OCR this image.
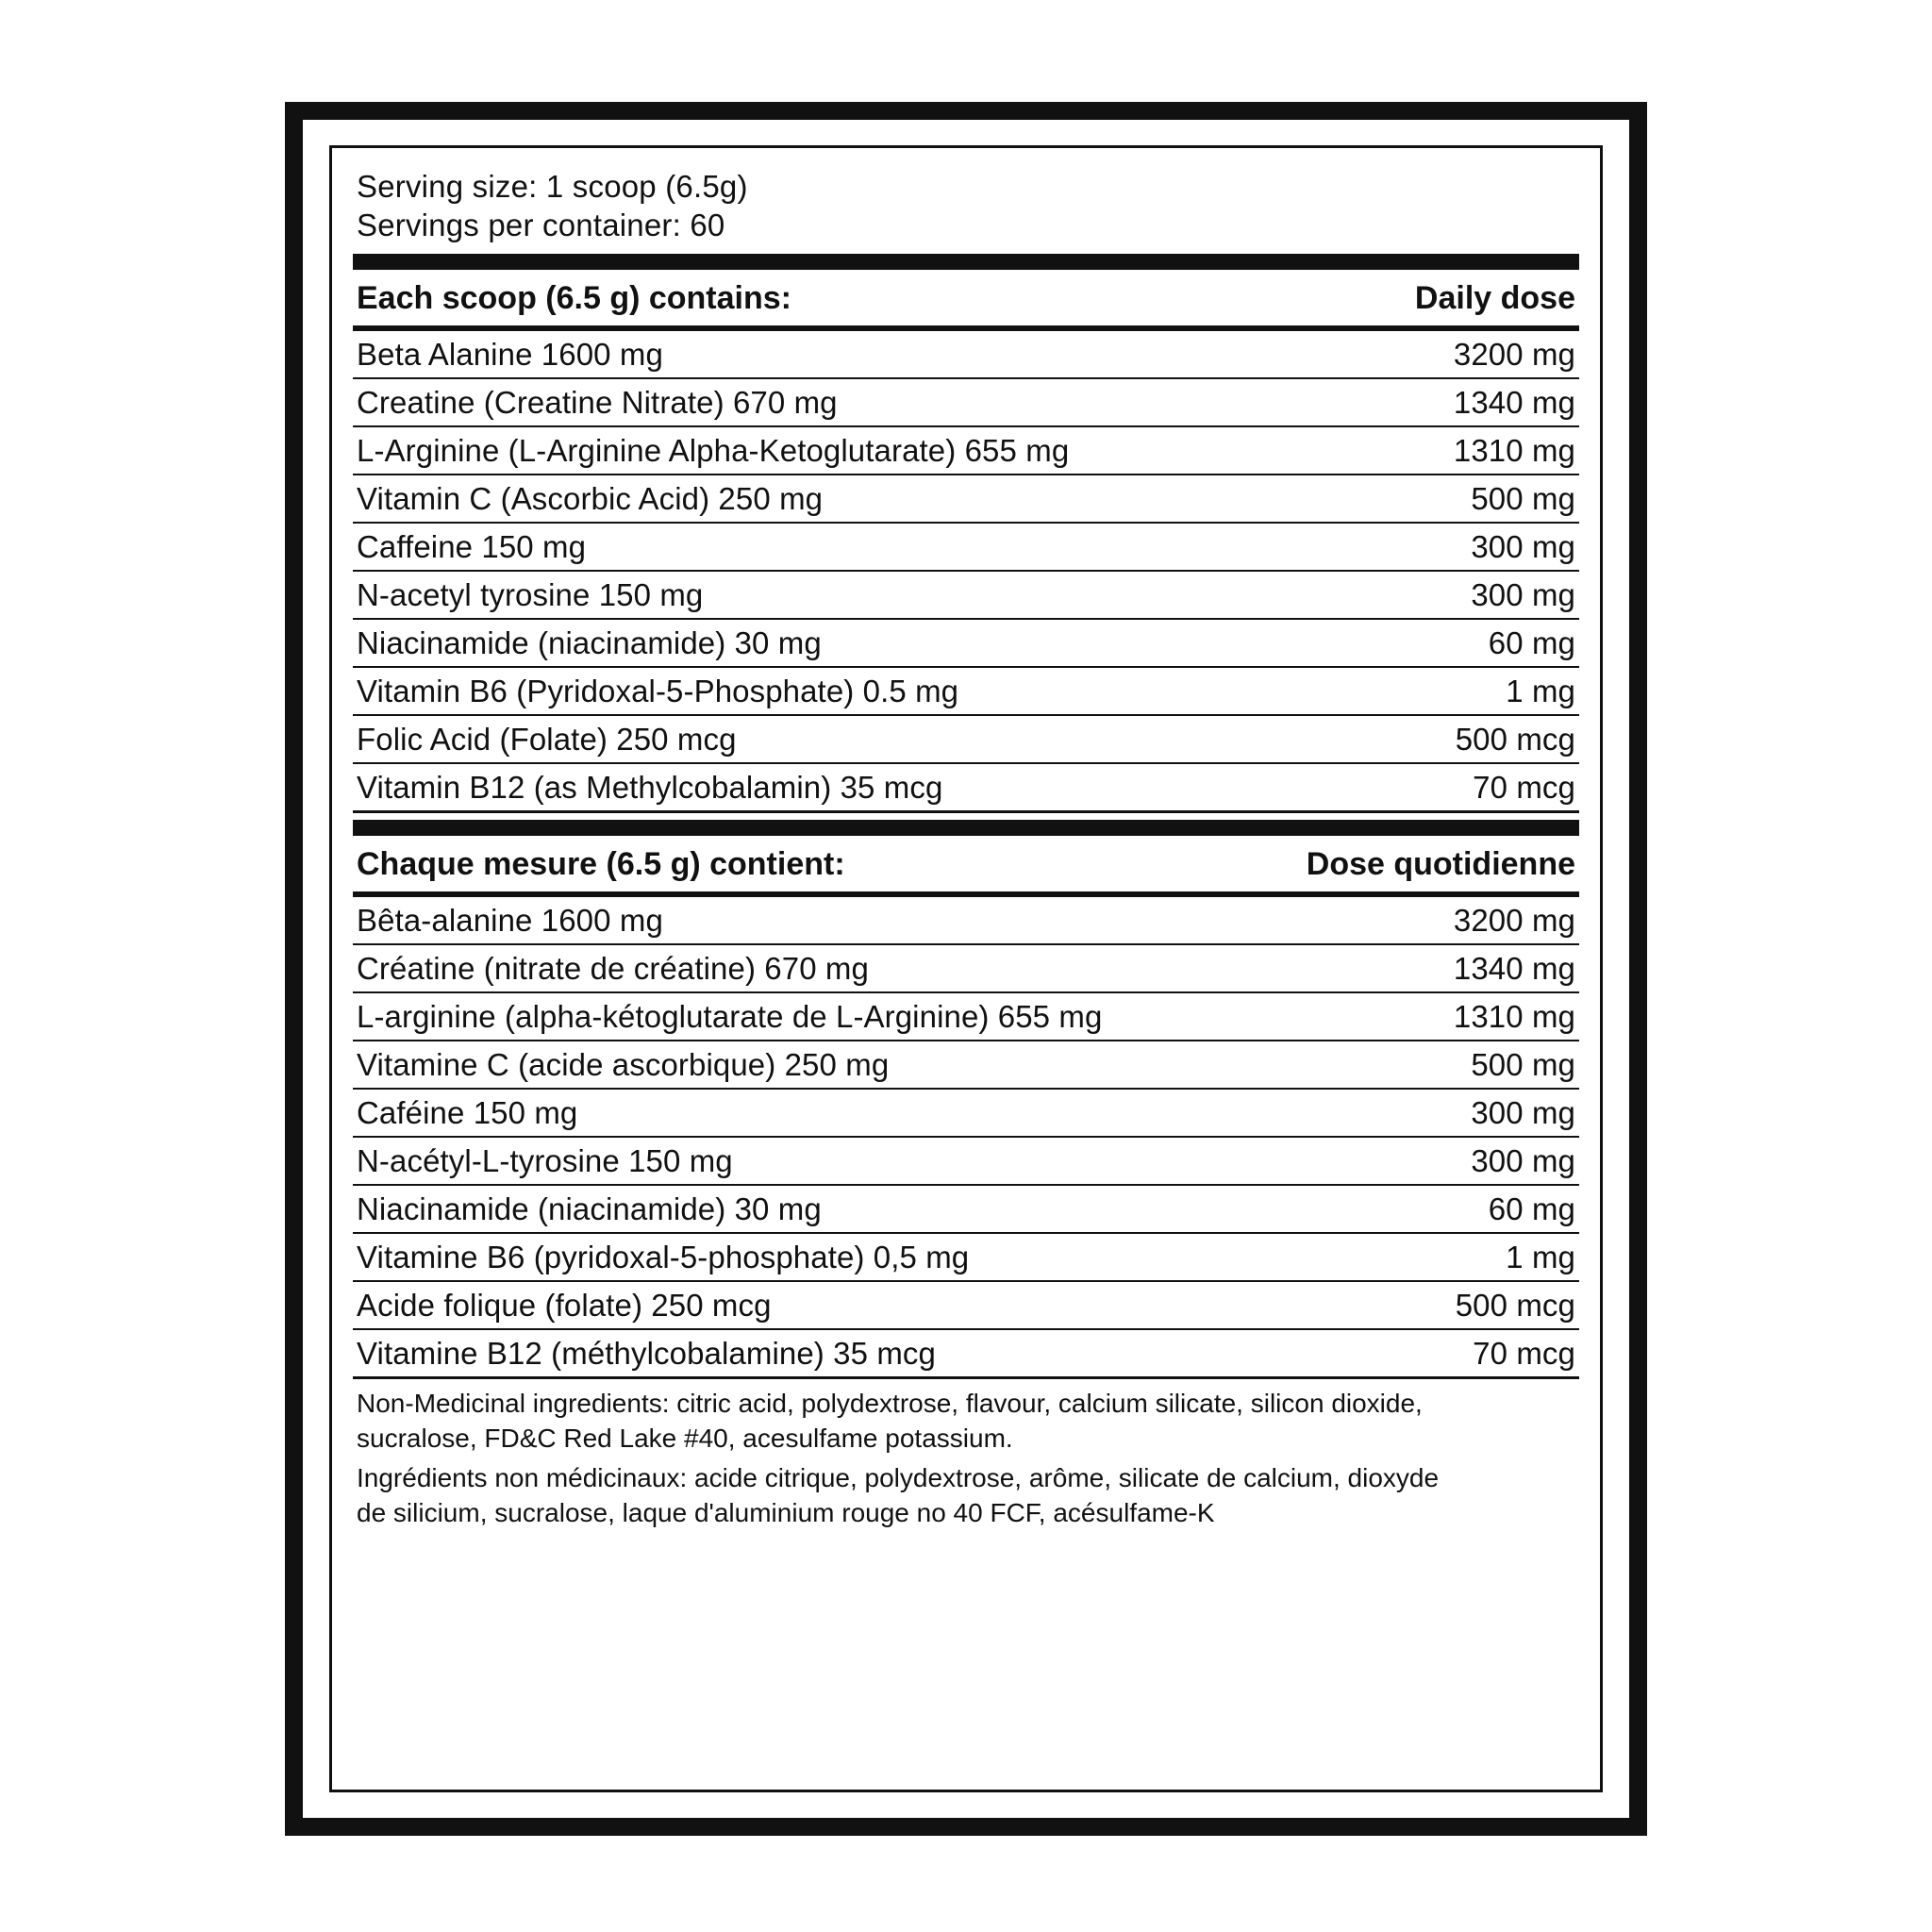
Serving size: 1 scoop (6.5g)
Servings per container: 60
Each scoop (6.5 g) contains:	Daily dose
Beta Alanine 1600 mg	3200 mg
Creatine (Creatine Nitrate) 670 mg	1340 mg
L-Arginine (L-Arginine Alpha-Ketoglutarate) 655 mg	1310 mg
Vitamin C (Ascorbic Acid) 250 mg	500 mg
Caffeine 150 mg	300 mg
N-acetyl tyrosine 150 mg	300 mg
Niacinamide (niacinamide) 30 mg	60 mg
Vitamin B6 (Pyridoxal-5-Phosphate) 0.5 mg	1 mg
Folic Acid (Folate) 250 mcg	500 mcg
Vitamin B12 (as Methylcobalamin) 35 mcg	70 mcg
Chaque mesure (6.5 g) contient:	Dose quotidienne
Bêta-alanine 1600 mg	3200 mg
Créatine (nitrate de créatine) 670 mg	1340 mg
L-arginine (alpha-kétoglutarate de L-Arginine) 655 mg	1310 mg
Vitamine C (acide ascorbique) 250 mg	500 mg
Caféine 150 mg	300 mg
N-acétyl-L-tyrosine 150 mg	300 mg
Niacinamide (niacinamide) 30 mg	60 mg
Vitamine B6 (pyridoxal-5-phosphate) 0,5 mg	1 mg
Acide folique (folate) 250 mcg	500 mcg
Vitamine B12 (méthylcobalamine) 35 mcg	70 mcg

Non-Medicinal ingredients: citric acid, polydextrose, flavour, calcium silicate, silicon dioxide,

sucralose, FD&C Red Lake #40, acesulfame potassium.

Ingrédients non médicinaux: acide citrique, polydextrose, arôme, silicate de calcium, dioxyde

de silicium, sucralose, laque d'aluminium rouge no 40 FCF, acésulfame-K
